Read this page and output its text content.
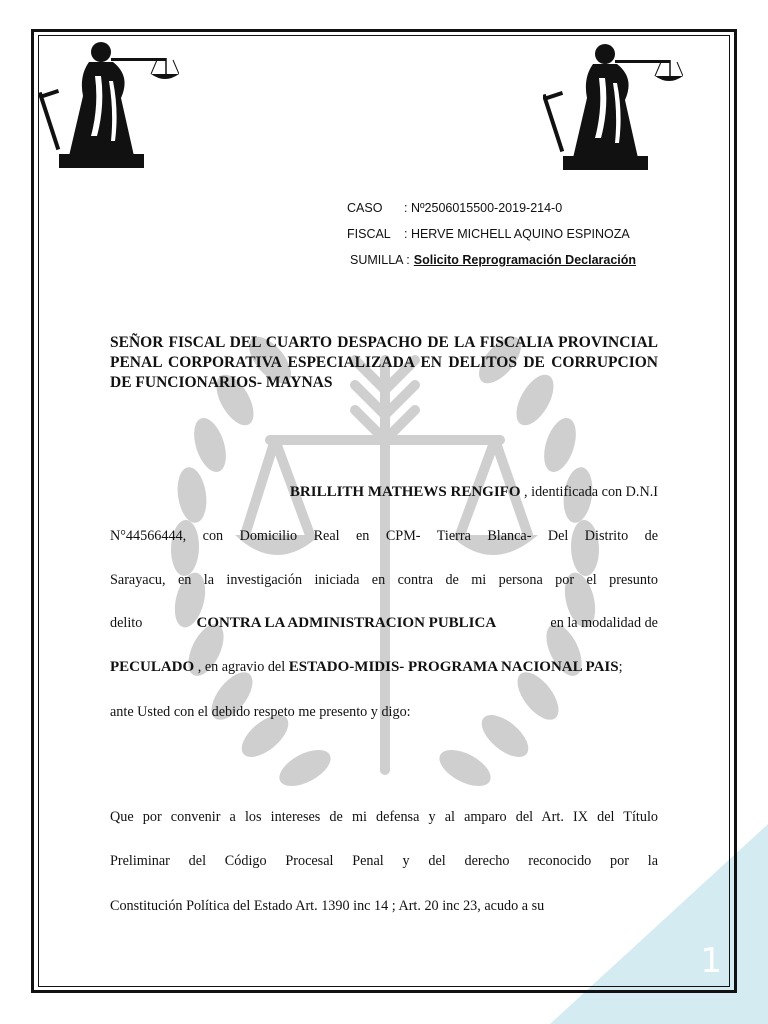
1
CASO	: Nº2506015500-2019-214-0
FISCAL	: HERVE MICHELL AQUINO ESPINOZA
SUMILLA : Solicito Reprogramación Declaración
SEÑOR FISCAL DEL CUARTO DESPACHO DE LA FISCALIA PROVINCIAL PENAL CORPORATIVA ESPECIALIZADA EN DELITOS DE CORRUPCION DE FUNCIONARIOS- MAYNAS
BRILLITH MATHEWS RENGIFO , identificada con D.N.I
N°44566444, con Domicilio Real en CPM- Tierra Blanca- Del Distrito de
Sarayacu, en la investigación iniciada en contra de mi persona por el presunto
delito	CONTRA LA ADMINISTRACION PUBLICA	en la modalidad de
PECULADO , en agravio del ESTADO-MIDIS- PROGRAMA NACIONAL PAIS;
ante Usted con el debido respeto me presento y digo:
Que por convenir a los intereses de mi defensa y al amparo del Art. IX del Título
Preliminar del Código Procesal Penal y del derecho reconocido por la
Constitución Política del Estado Art. 1390 inc 14 ; Art. 20 inc 23, acudo a su
